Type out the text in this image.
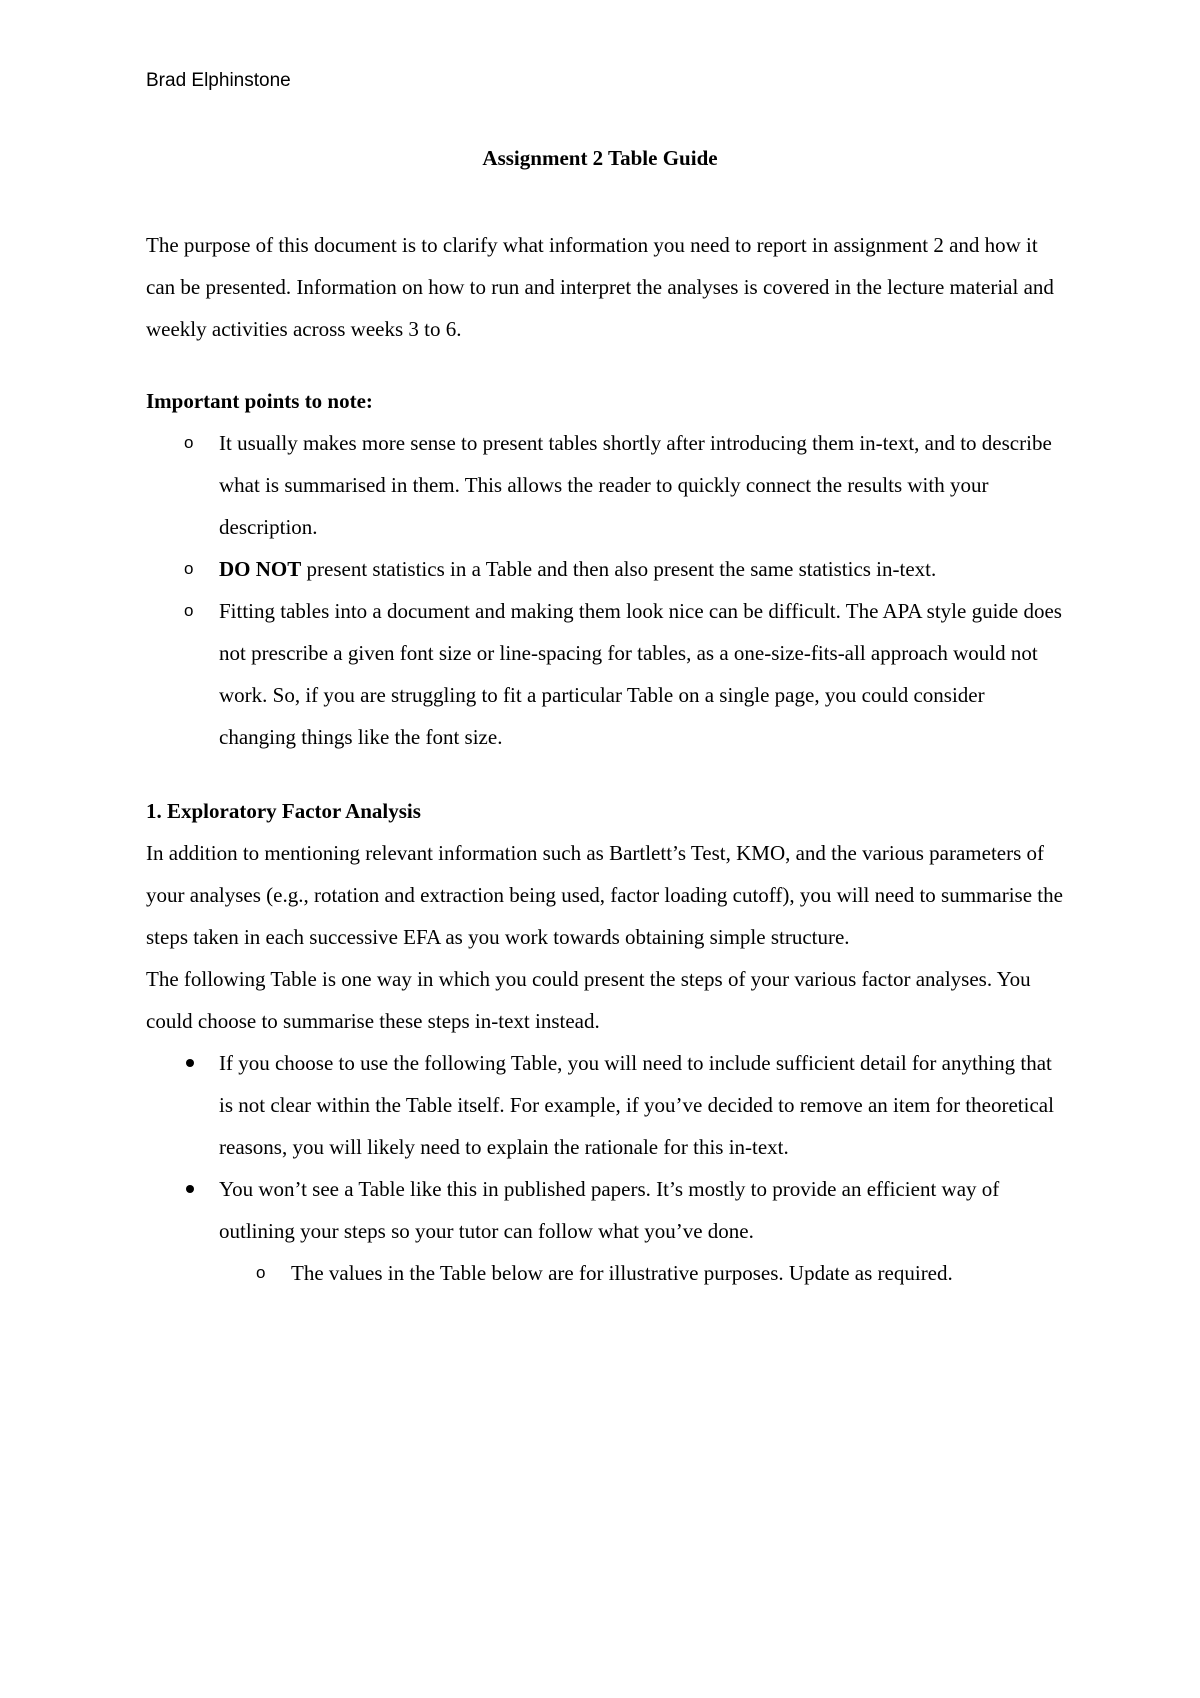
Brad Elphinstone
Assignment 2 Table Guide

The purpose of this document is to clarify what information you need to report in assignment 2 and how it can be presented. Information on how to run and interpret the analyses is covered in the lecture material and weekly activities across weeks 3 to 6.

Important points to note:

o It usually makes more sense to present tables shortly after introducing them in-text, and to describe what is summarised in them. This allows the reader to quickly connect the results with your description.
o DO NOT present statistics in a Table and then also present the same statistics in-text.
o Fitting tables into a document and making them look nice can be difficult. The APA style guide does not prescribe a given font size or line-spacing for tables, as a one-size-fits-all approach would not work. So, if you are struggling to fit a particular Table on a single page, you could consider changing things like the font size.

1. Exploratory Factor Analysis

In addition to mentioning relevant information such as Bartlett’s Test, KMO, and the various parameters of your analyses (e.g., rotation and extraction being used, factor loading cutoff), you will need to summarise the steps taken in each successive EFA as you work towards obtaining simple structure.

The following Table is one way in which you could present the steps of your various factor analyses. You could choose to summarise these steps in-text instead.

If you choose to use the following Table, you will need to include sufficient detail for anything that is not clear within the Table itself. For example, if you’ve decided to remove an item for theoretical reasons, you will likely need to explain the rationale for this in-text.
You won’t see a Table like this in published papers. It’s mostly to provide an efficient way of outlining your steps so your tutor can follow what you’ve done.
o The values in the Table below are for illustrative purposes. Update as required.
